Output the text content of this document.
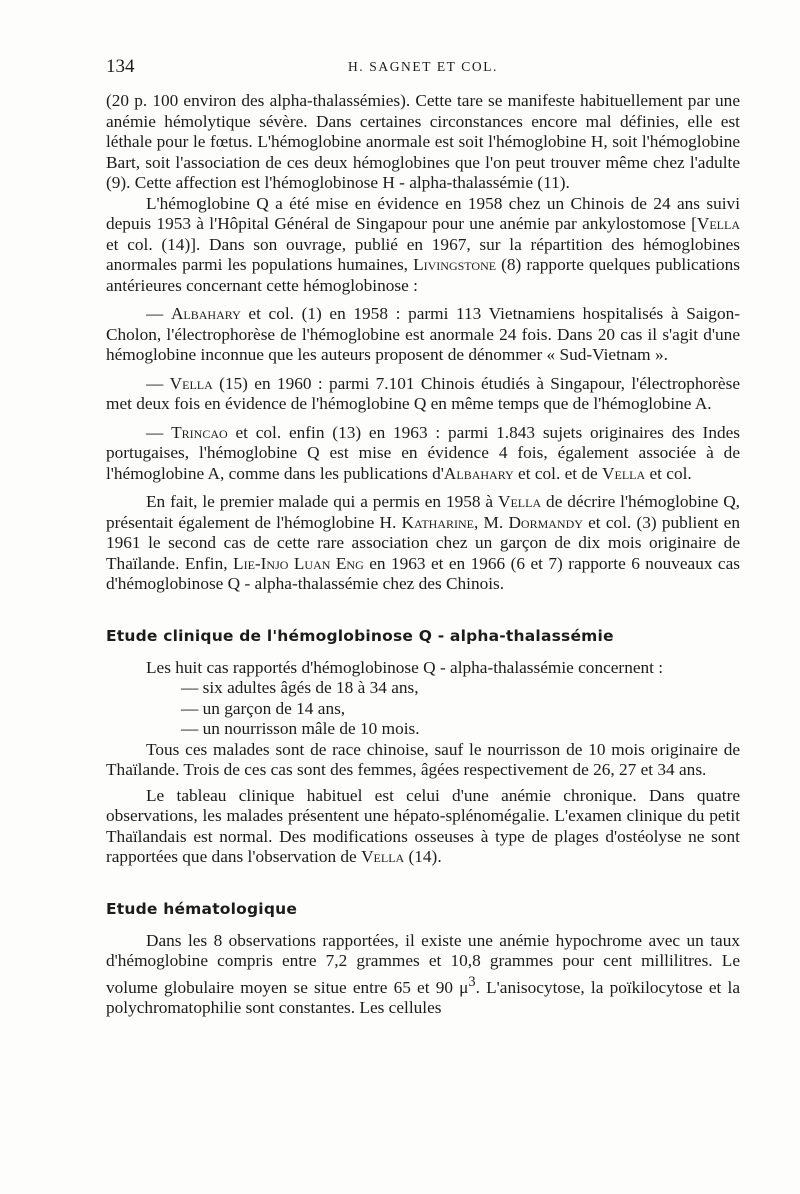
134	H. SAGNET ET COL.

(20 p. 100 environ des alpha-thalassémies). Cette tare se manifeste habituellement par une anémie hémolytique sévère. Dans certaines circonstances encore mal définies, elle est léthale pour le fœtus. L'hémoglobine anormale est soit l'hémoglobine H, soit l'hémoglobine Bart, soit l'association de ces deux hémoglobines que l'on peut trouver même chez l'adulte (9). Cette affection est l'hémoglobinose H - alpha-thalassémie (11).

L'hémoglobine Q a été mise en évidence en 1958 chez un Chinois de 24 ans suivi depuis 1953 à l'Hôpital Général de Singapour pour une anémie par ankylostomose [Vella et col. (14)]. Dans son ouvrage, publié en 1967, sur la répartition des hémoglobines anormales parmi les populations humaines, Livingstone (8) rapporte quelques publications antérieures concernant cette hémoglobinose :

— Albahary et col. (1) en 1958 : parmi 113 Vietnamiens hospitalisés à Saigon-Cholon, l'électrophorèse de l'hémoglobine est anormale 24 fois. Dans 20 cas il s'agit d'une hémoglobine inconnue que les auteurs proposent de dénommer « Sud-Vietnam ».

— Vella (15) en 1960 : parmi 7.101 Chinois étudiés à Singapour, l'électrophorèse met deux fois en évidence de l'hémoglobine Q en même temps que de l'hémoglobine A.

— Trincao et col. enfin (13) en 1963 : parmi 1.843 sujets originaires des Indes portugaises, l'hémoglobine Q est mise en évidence 4 fois, également associée à de l'hémoglobine A, comme dans les publications d'Albahary et col. et de Vella et col.

En fait, le premier malade qui a permis en 1958 à Vella de décrire l'hémoglobine Q, présentait également de l'hémoglobine H. Katharine, M. Dormandy et col. (3) publient en 1961 le second cas de cette rare association chez un garçon de dix mois originaire de Thaïlande. Enfin, Lie-Injo Luan Eng en 1963 et en 1966 (6 et 7) rapporte 6 nouveaux cas d'hémoglobinose Q - alpha-thalassémie chez des Chinois.

Etude clinique de l'hémoglobinose Q - alpha-thalassémie

Les huit cas rapportés d'hémoglobinose Q - alpha-thalassémie concernent :

— six adultes âgés de 18 à 34 ans,
— un garçon de 14 ans,
— un nourrisson mâle de 10 mois.

Tous ces malades sont de race chinoise, sauf le nourrisson de 10 mois originaire de Thaïlande. Trois de ces cas sont des femmes, âgées respectivement de 26, 27 et 34 ans.

Le tableau clinique habituel est celui d'une anémie chronique. Dans quatre observations, les malades présentent une hépato-splénomégalie. L'examen clinique du petit Thaïlandais est normal. Des modifications osseuses à type de plages d'ostéolyse ne sont rapportées que dans l'observation de Vella (14).

Etude hématologique

Dans les 8 observations rapportées, il existe une anémie hypochrome avec un taux d'hémoglobine compris entre 7,2 grammes et 10,8 grammes pour cent millilitres. Le volume globulaire moyen se situe entre 65 et 90 $\mu^3$. L'anisocytose, la poïkilocytose et la polychromatophilie sont constantes. Les cellules
